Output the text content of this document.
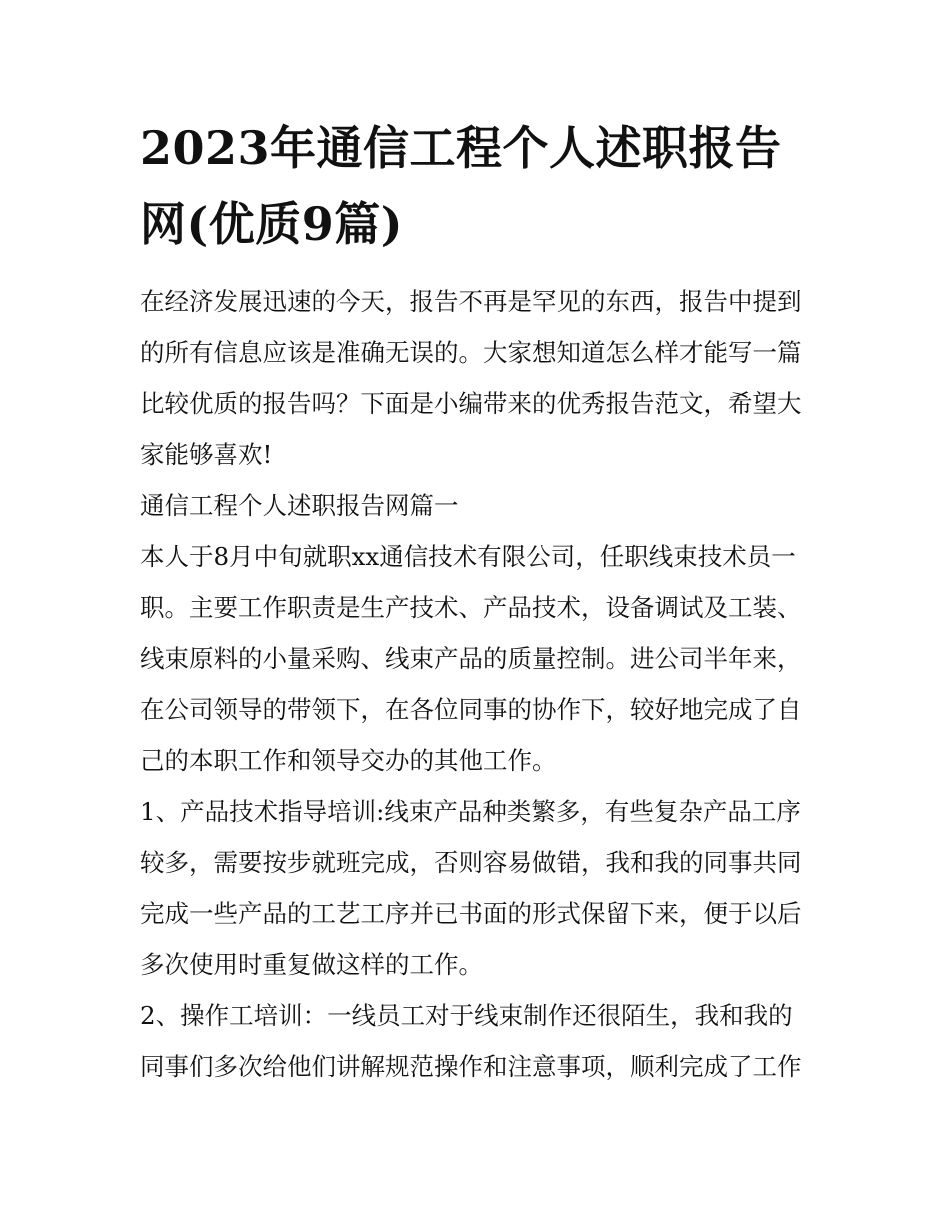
2023年通信工程个人述职报告网(优质9篇)

在经济发展迅速的今天，报告不再是罕见的东西，报告中提到的所有信息应该是准确无误的。大家想知道怎么样才能写一篇比较优质的报告吗？下面是小编带来的优秀报告范文，希望大家能够喜欢!

通信工程个人述职报告网篇一

本人于8月中旬就职xx通信技术有限公司，任职线束技术员一职。主要工作职责是生产技术、产品技术，设备调试及工装、线束原料的小量采购、线束产品的质量控制。进公司半年来，在公司领导的带领下，在各位同事的协作下，较好地完成了自己的本职工作和领导交办的其他工作。

1、产品技术指导培训:线束产品种类繁多，有些复杂产品工序较多，需要按步就班完成，否则容易做错，我和我的同事共同完成一些产品的工艺工序并已书面的形式保留下来，便于以后多次使用时重复做这样的工作。

2、操作工培训：一线员工对于线束制作还很陌生，我和我的同事们多次给他们讲解规范操作和注意事项，顺利完成了工作
